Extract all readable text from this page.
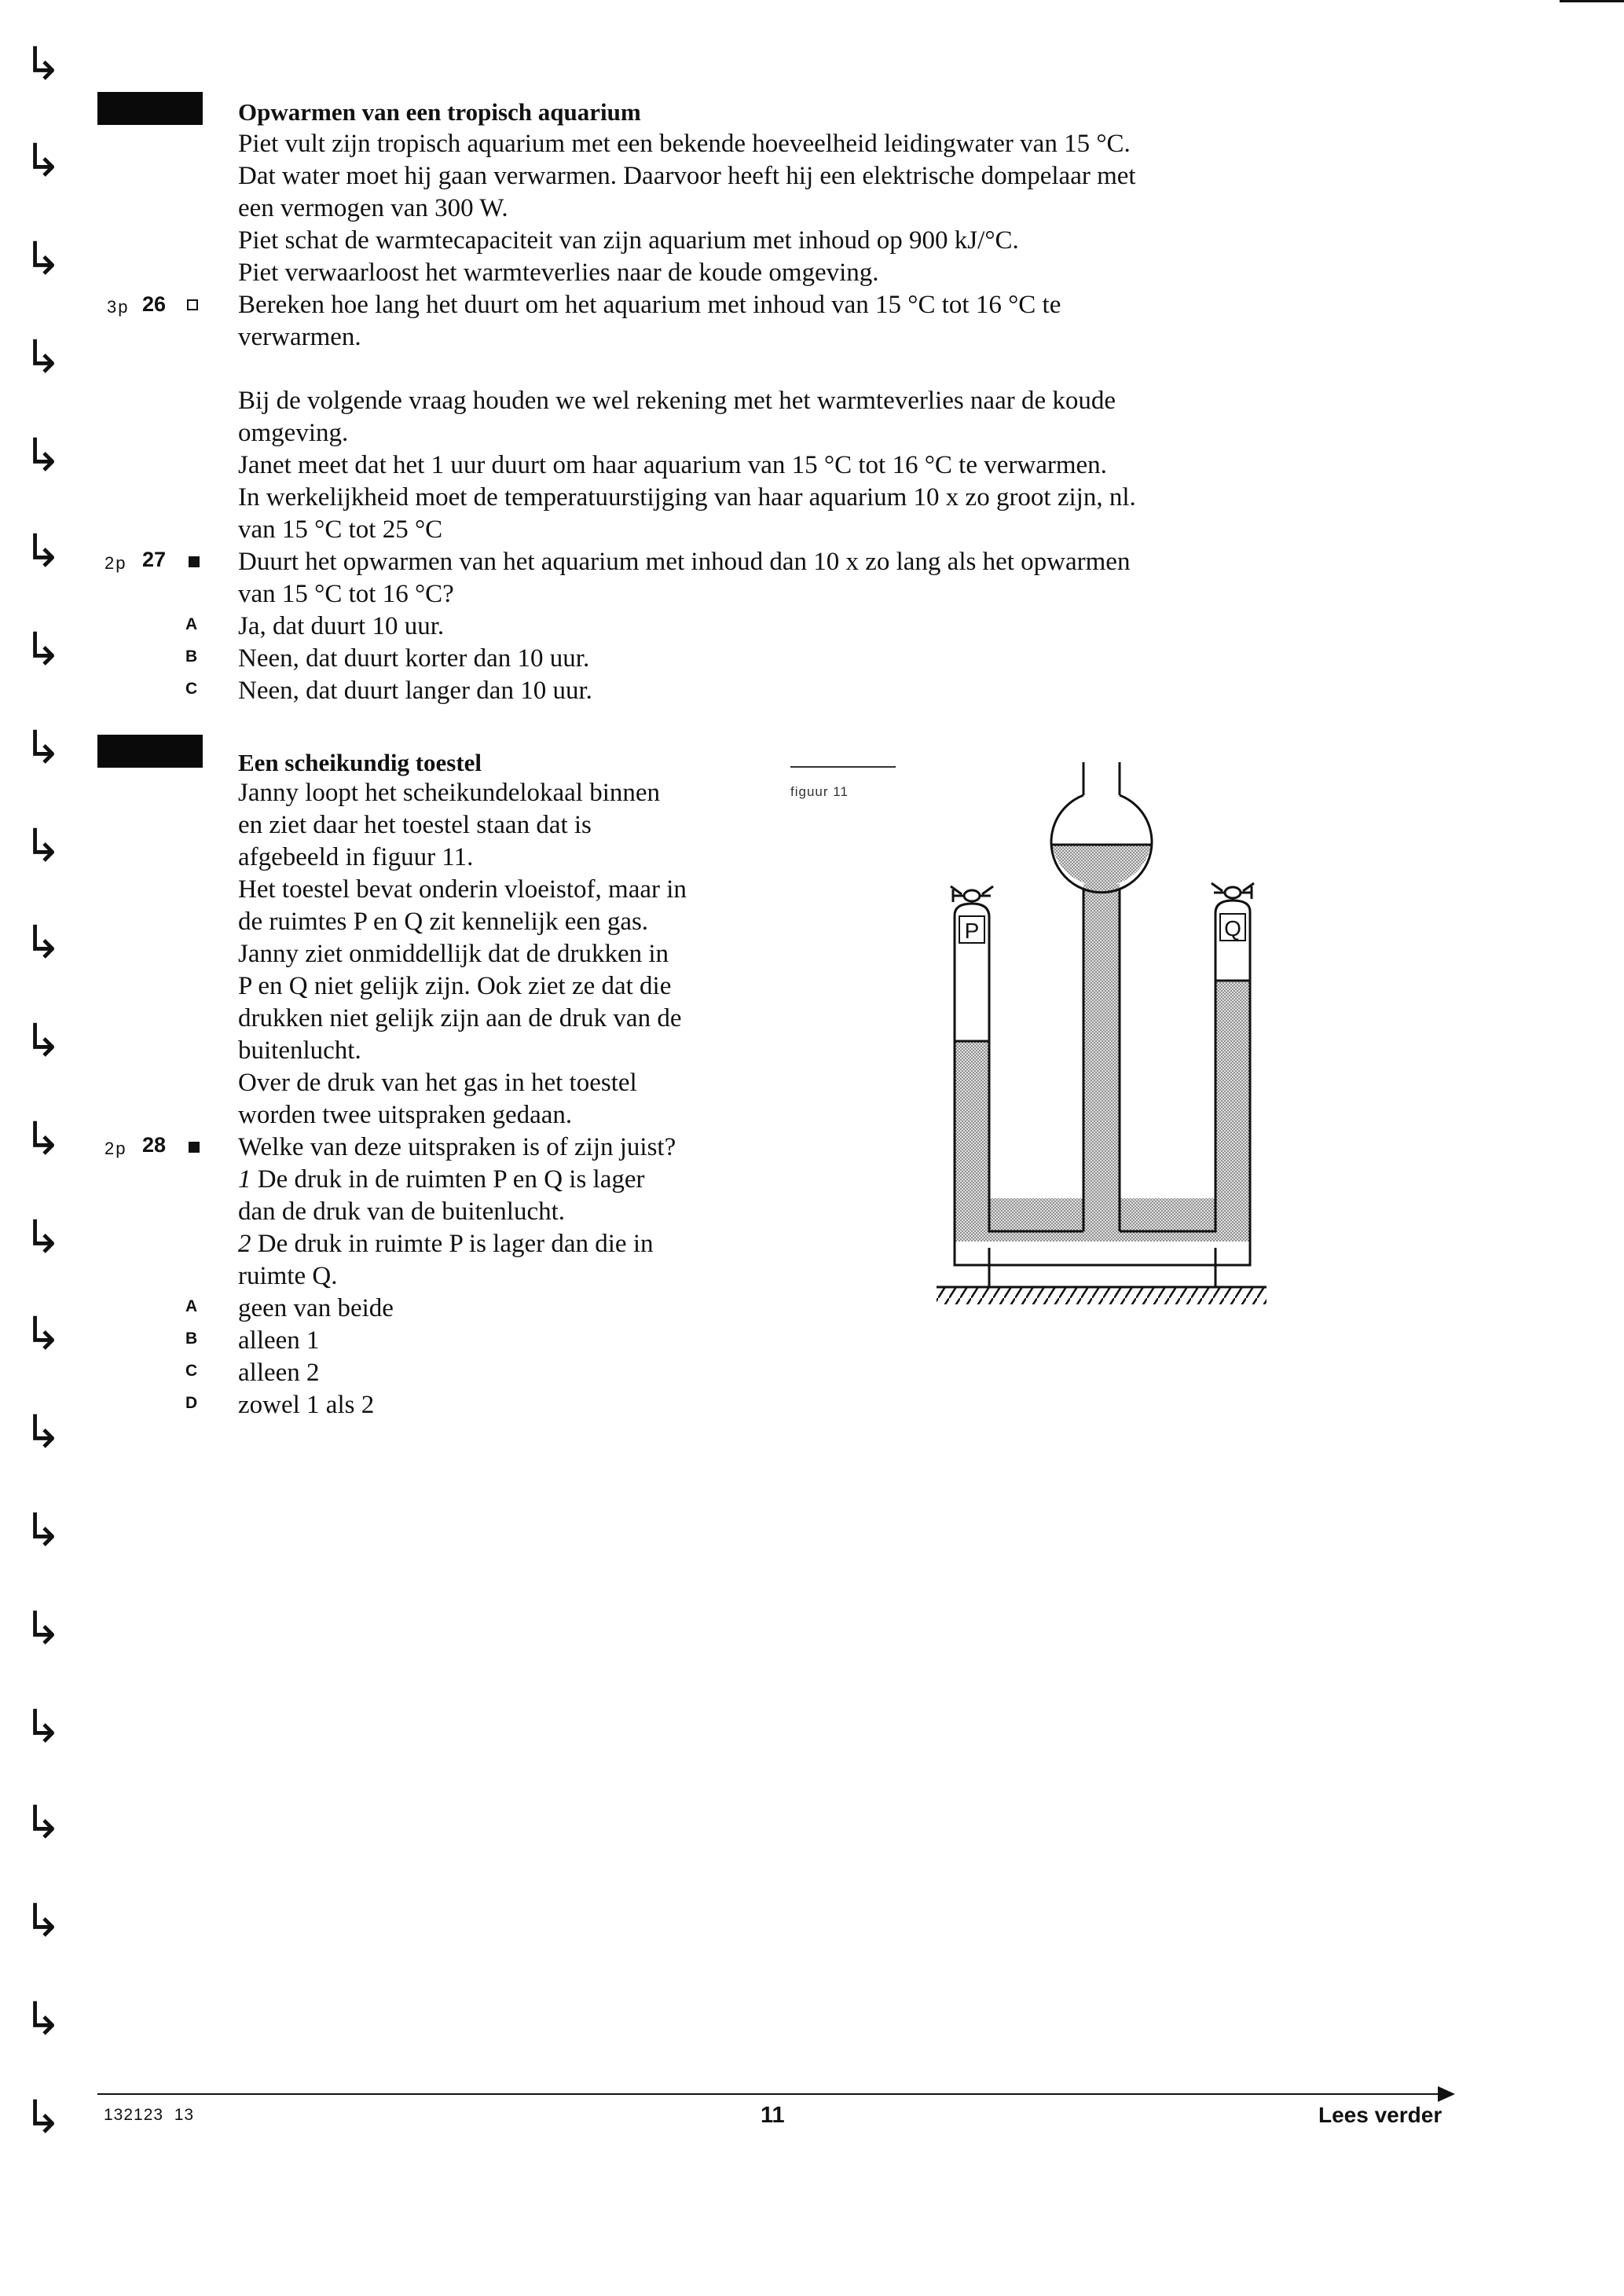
↳
↳
↳
↳
↳
↳
↳
↳
↳
↳
↳
↳
↳
↳
↳
↳
↳
↳
↳
↳
↳
↳
Opwarmen van een tropisch aquarium
Piet vult zijn tropisch aquarium met een bekende hoeveelheid leidingwater van 15 °C.
Dat water moet hij gaan verwarmen. Daarvoor heeft hij een elektrische dompelaar met
een vermogen van 300 W.
Piet schat de warmtecapaciteit van zijn aquarium met inhoud op 900 kJ/°C.
Piet verwaarloost het warmteverlies naar de koude omgeving.
3p 26	Bereken hoe lang het duurt om het aquarium met inhoud van 15 °C tot 16 °C te
verwarmen.
Bij de volgende vraag houden we wel rekening met het warmteverlies naar de koude
omgeving.
Janet meet dat het 1 uur duurt om haar aquarium van 15 °C tot 16 °C te verwarmen.
In werkelijkheid moet de temperatuurstijging van haar aquarium 10 x zo groot zijn, nl.
van 15 °C tot 25 °C
2p 27	Duurt het opwarmen van het aquarium met inhoud dan 10 x zo lang als het opwarmen
van 15 °C tot 16 °C?
A Ja, dat duurt 10 uur.
B Neen, dat duurt korter dan 10 uur.
C Neen, dat duurt langer dan 10 uur.
Een scheikundig toestel
Janny loopt het scheikundelokaal binnen
en ziet daar het toestel staan dat is
afgebeeld in figuur 11.
Het toestel bevat onderin vloeistof, maar in
de ruimtes P en Q zit kennelijk een gas.
Janny ziet onmiddellijk dat de drukken in
P en Q niet gelijk zijn. Ook ziet ze dat die
drukken niet gelijk zijn aan de druk van de
buitenlucht.
Over de druk van het gas in het toestel
worden twee uitspraken gedaan.
2p 28	Welke van deze uitspraken is of zijn juist?
1 De druk in de ruimten P en Q is lager
dan de druk van de buitenlucht.
2 De druk in ruimte P is lager dan die in
ruimte Q.
A geen van beide
B alleen 1
C alleen 2
D zowel 1 als 2
figuur 11
P	Q
132123  13	11	Lees verder
